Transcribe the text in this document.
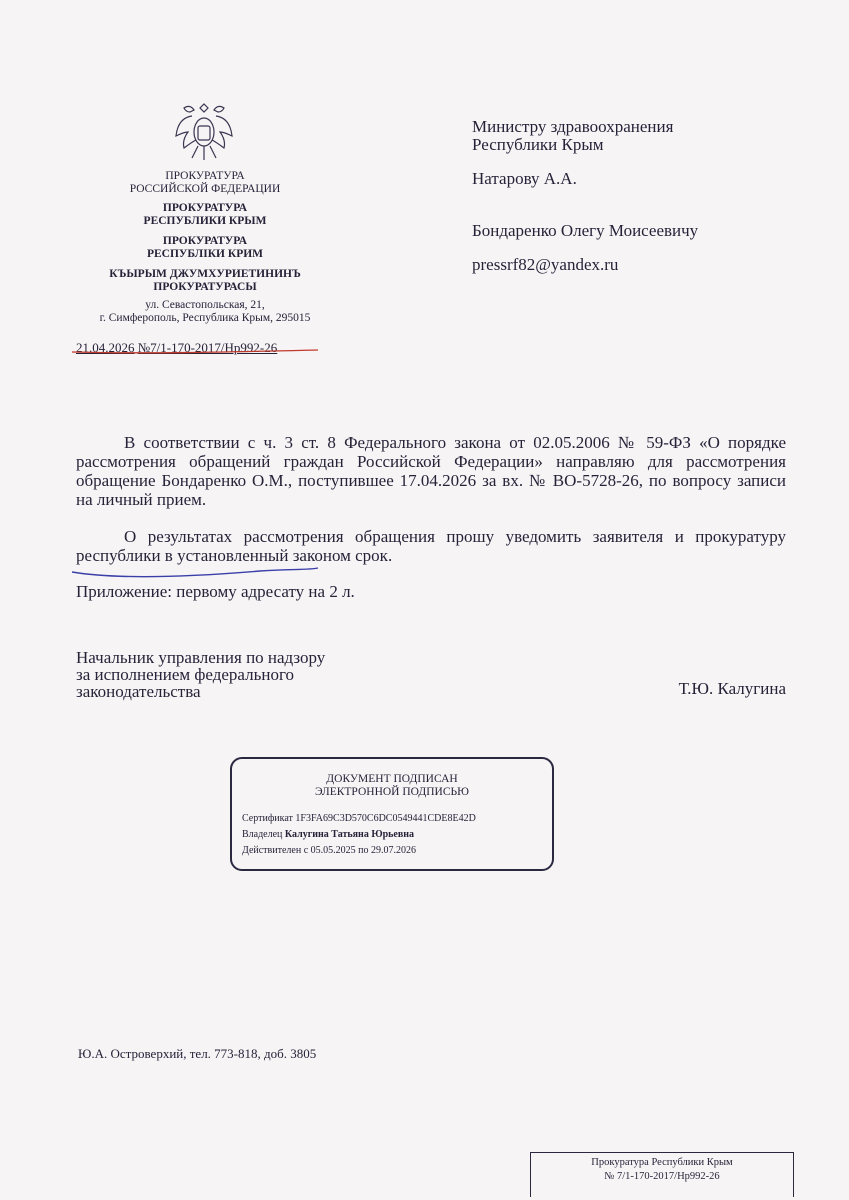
ПРОКУРАТУРА
РОССИЙСКОЙ ФЕДЕРАЦИИ
ПРОКУРАТУРА
РЕСПУБЛИКИ КРЫМ
ПРОКУРАТУРА
РЕСПУБЛIКИ КРИМ
КЪЫРЫМ ДЖУМХУРИЕТИНИНЪ
ПРОКУРАТУРАСЫ
ул. Севастопольская, 21,
г. Симферополь, Республика Крым, 295015
21.04.2026 №7/1-170-2017/Нр992-26
Министру здравоохранения
Республики Крым
Натарову А.А.
Бондаренко Олегу Моисеевичу
pressrf82@yandex.ru
В соответствии с ч. 3 ст. 8 Федерального закона от 02.05.2006 № 59-ФЗ «О порядке рассмотрения обращений граждан Российской Федерации» направляю для рассмотрения обращение Бондаренко О.М., поступившее 17.04.2026 за вх. № ВО-5728-26, по вопросу записи на личный прием.
О результатах рассмотрения обращения прошу уведомить заявителя и прокуратуру республики в установленный законом срок.
Приложение: первому адресату на 2 л.
Начальник управления по надзору
за исполнением федерального
законодательства	Т.Ю. Калугина
ДОКУМЕНТ ПОДПИСАН
ЭЛЕКТРОННОЙ ПОДПИСЬЮ
Сертификат 1F3FA69C3D570C6DC0549441CDE8E42D
Владелец Калугина Татьяна Юрьевна
Действителен с 05.05.2025 по 29.07.2026
Ю.А. Островерхий, тел. 773-818, доб. 3805
Прокуратура Республики Крым
№ 7/1-170-2017/Нр992-26
